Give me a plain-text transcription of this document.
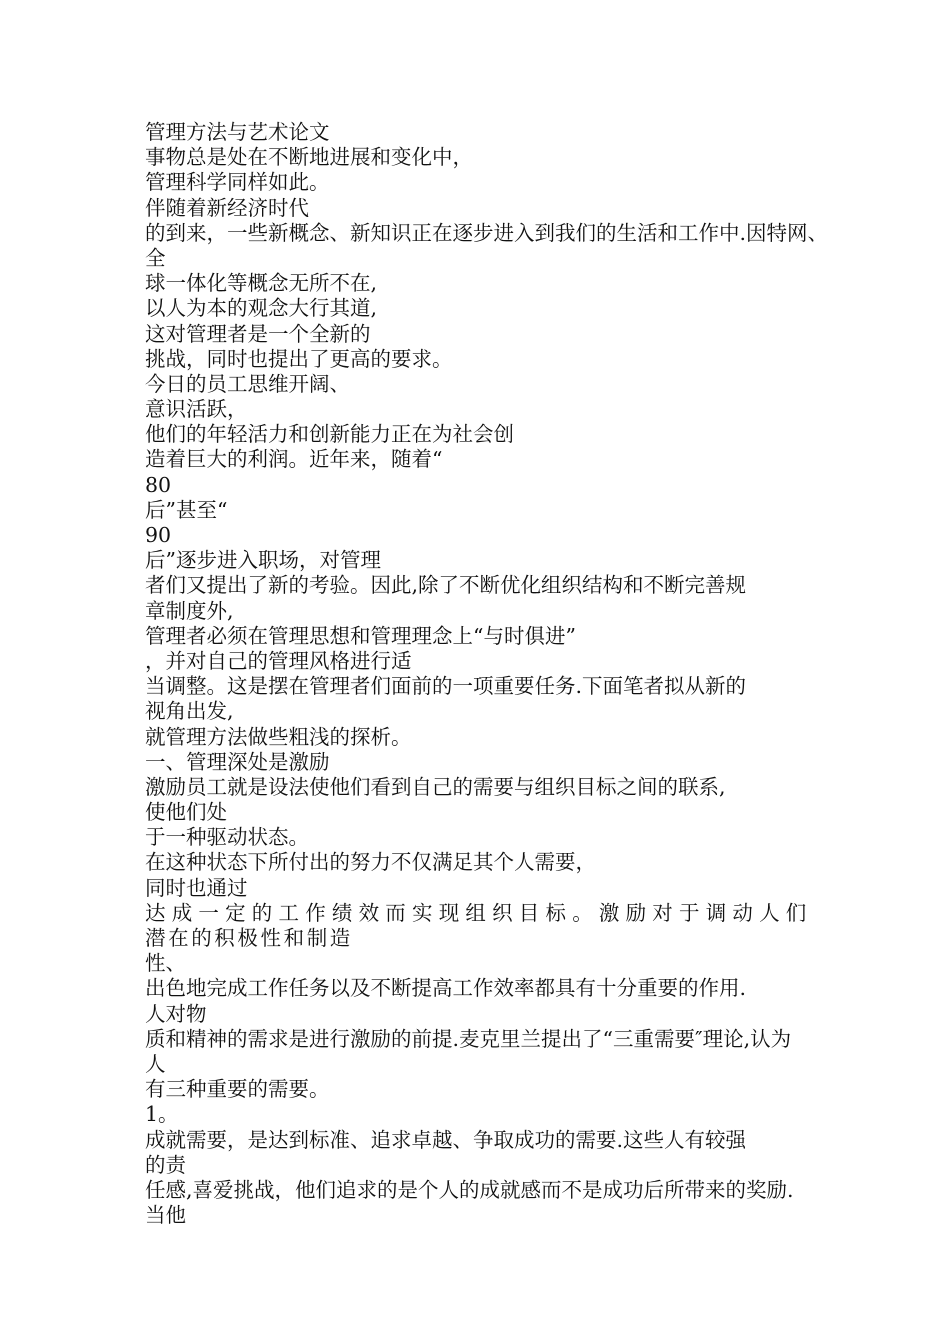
管理方法与艺术论文
事物总是处在不断地进展和变化中，
管理科学同样如此。
伴随着新经济时代
的到来，一些新概念、新知识正在逐步进入到我们的生活和工作中.因特网、
全
球一体化等概念无所不在,
以人为本的观念大行其道,
这对管理者是一个全新的
挑战，同时也提出了更高的要求。
今日的员工思维开阔、
意识活跃，
他们的年轻活力和创新能力正在为社会创
造着巨大的利润。近年来，随着“
80
后”甚至“
90
后”逐步进入职场，对管理
者们又提出了新的考验。因此,除了不断优化组织结构和不断完善规
章制度外,
管理者必须在管理思想和管理理念上“与时俱进”
，并对自己的管理风格进行适
当调整。这是摆在管理者们面前的一项重要任务.下面笔者拟从新的
视角出发,
就管理方法做些粗浅的探析。
一、管理深处是激励
激励员工就是设法使他们看到自己的需要与组织目标之间的联系,
使他们处
于一种驱动状态。
在这种状态下所付出的努力不仅满足其个人需要，
同时也通过
达成一定的工作绩效而实现组织目标。激励对于调动人们
潜在的积极性和制造
性、
出色地完成工作任务以及不断提高工作效率都具有十分重要的作用.
人对物
质和精神的需求是进行激励的前提.麦克里兰提出了“三重需要″理论,认为
人
有三种重要的需要。
1。
成就需要，是达到标准、追求卓越、争取成功的需要.这些人有较强
的责
任感,喜爱挑战，他们追求的是个人的成就感而不是成功后所带来的奖励.
当他
